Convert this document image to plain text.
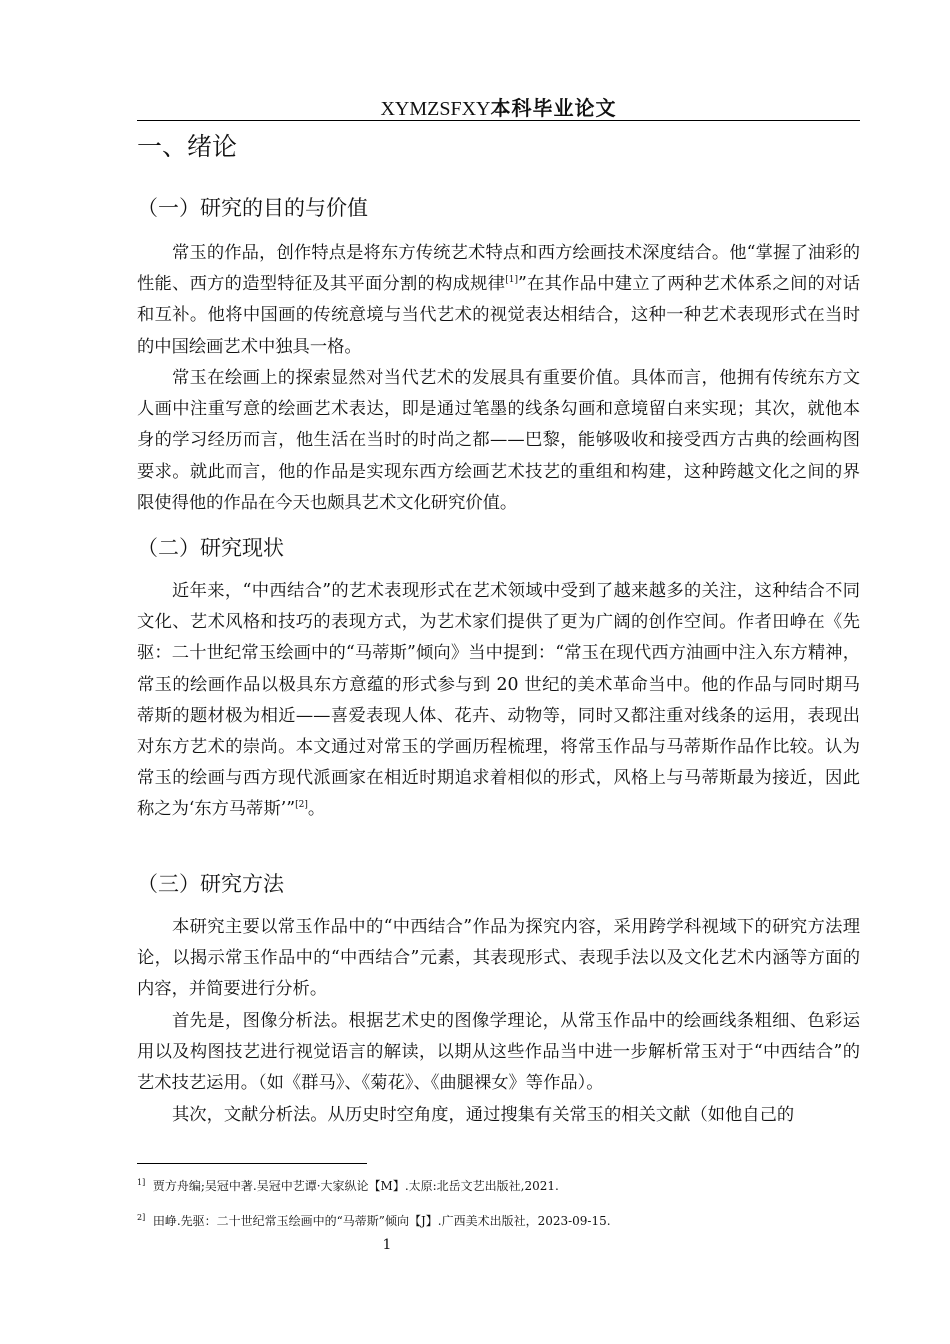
XYMZSFXY本科毕业论文
一、绪论
（一）研究的目的与价值

常玉的作品，创作特点是将东方传统艺术特点和西方绘画技术深度结合。他“掌握了油彩的性能、西方的造型特征及其平面分割的构成规律[1]”在其作品中建立了两种艺术体系之间的对话和互补。他将中国画的传统意境与当代艺术的视觉表达相结合，这种一种艺术表现形式在当时的中国绘画艺术中独具一格。

常玉在绘画上的探索显然对当代艺术的发展具有重要价值。具体而言，他拥有传统东方文人画中注重写意的绘画艺术表达，即是通过笔墨的线条勾画和意境留白来实现；其次，就他本身的学习经历而言，他生活在当时的时尚之都——巴黎，能够吸收和接受西方古典的绘画构图要求。就此而言，他的作品是实现东西方绘画艺术技艺的重组和构建，这种跨越文化之间的界限使得他的作品在今天也颇具艺术文化研究价值。

（二）研究现状

近年来，“中西结合”的艺术表现形式在艺术领域中受到了越来越多的关注，这种结合不同文化、艺术风格和技巧的表现方式，为艺术家们提供了更为广阔的创作空间。作者田峥在《先驱：二十世纪常玉绘画中的“马蒂斯”倾向》当中提到：“常玉在现代西方油画中注入东方精神，常玉的绘画作品以极具东方意蕴的形式参与到 20 世纪的美术革命当中。他的作品与同时期马蒂斯的题材极为相近——喜爱表现人体、花卉、动物等，同时又都注重对线条的运用，表现出对东方艺术的崇尚。本文通过对常玉的学画历程梳理，将常玉作品与马蒂斯作品作比较。认为常玉的绘画与西方现代派画家在相近时期追求着相似的形式，风格上与马蒂斯最为接近，因此称之为‘东方马蒂斯’”[2]。

（三）研究方法

本研究主要以常玉作品中的“中西结合”作品为探究内容，采用跨学科视域下的研究方法理论，以揭示常玉作品中的“中西结合”元素，其表现形式、表现手法以及文化艺术内涵等方面的内容，并简要进行分析。

首先是，图像分析法。根据艺术史的图像学理论，从常玉作品中的绘画线条粗细、色彩运用以及构图技艺进行视觉语言的解读，以期从这些作品当中进一步解析常玉对于“中西结合”的艺术技艺运用。（如《群马》、《菊花》、《曲腿裸女》等作品）。

其次，文献分析法。从历史时空角度，通过搜集有关常玉的相关文献（如他自己的

$^{1]}$ 贾方舟编;吴冠中著.吴冠中艺谭·大家纵论【M】.太原:北岳文艺出版社,2021.

$^{2]}$ 田峥.先驱：二十世纪常玉绘画中的“马蒂斯”倾向【J】.广西美术出版社，2023-09-15.

1
